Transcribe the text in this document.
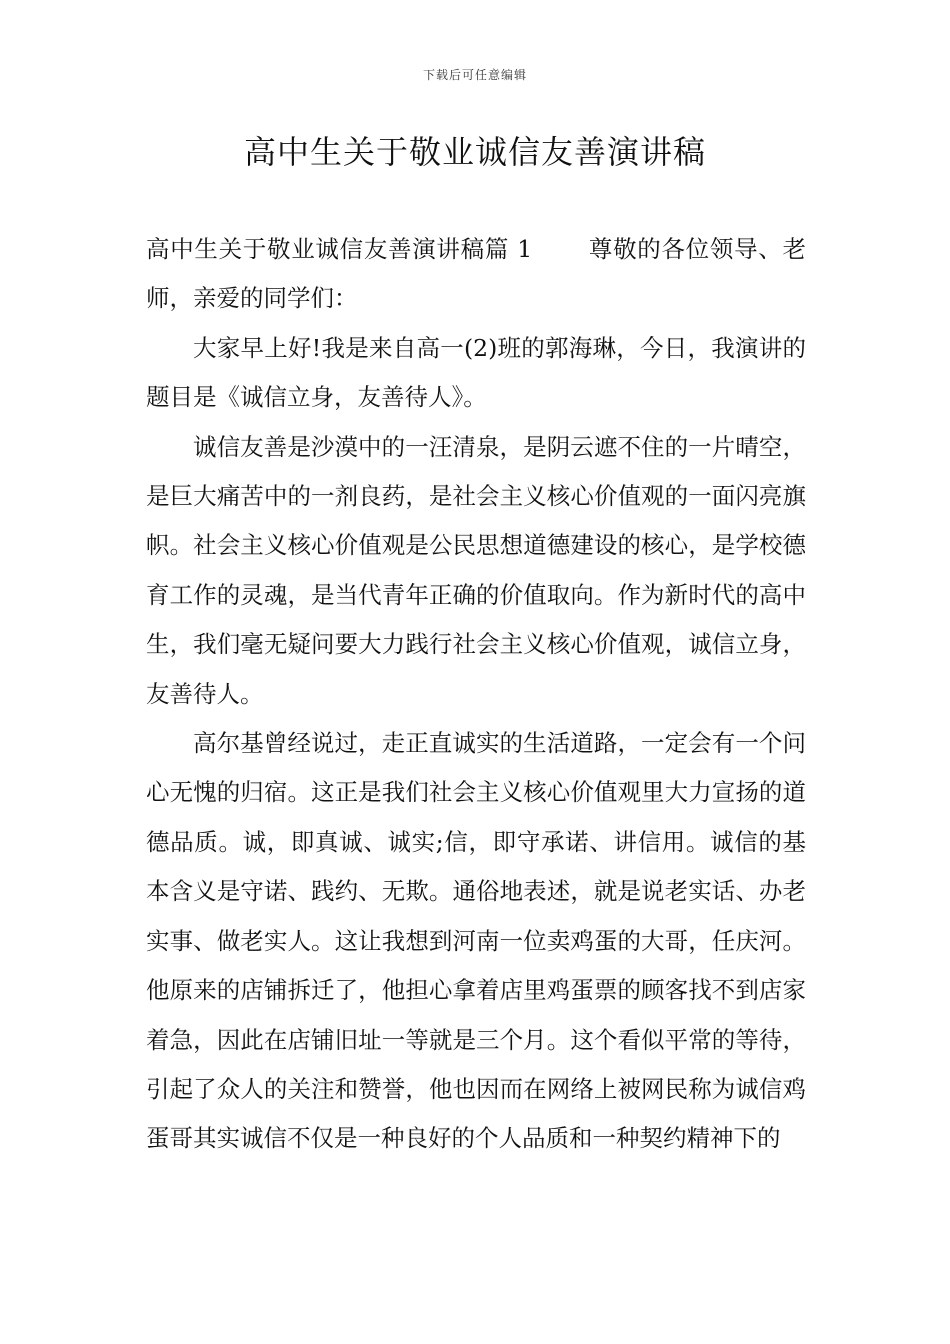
下载后可任意编辑
高中生关于敬业诚信友善演讲稿

高中生关于敬业诚信友善演讲稿篇 1 尊敬的各位领导、老师，亲爱的同学们：

大家早上好!我是来自高一(2)班的郭海琳，今日，我演讲的题目是《诚信立身，友善待人》。

诚信友善是沙漠中的一汪清泉，是阴云遮不住的一片晴空，是巨大痛苦中的一剂良药，是社会主义核心价值观的一面闪亮旗帜。社会主义核心价值观是公民思想道德建设的核心，是学校德育工作的灵魂，是当代青年正确的价值取向。作为新时代的高中生，我们毫无疑问要大力践行社会主义核心价值观，诚信立身，友善待人。

高尔基曾经说过，走正直诚实的生活道路，一定会有一个问心无愧的归宿。这正是我们社会主义核心价值观里大力宣扬的道德品质。诚，即真诚、诚实;信，即守承诺、讲信用。诚信的基本含义是守诺、践约、无欺。通俗地表述，就是说老实话、办老实事、做老实人。这让我想到河南一位卖鸡蛋的大哥，任庆河。他原来的店铺拆迁了，他担心拿着店里鸡蛋票的顾客找不到店家着急，因此在店铺旧址一等就是三个月。这个看似平常的等待，引起了众人的关注和赞誉，他也因而在网络上被网民称为诚信鸡蛋哥其实诚信不仅是一种良好的个人品质和一种契约精神下的
